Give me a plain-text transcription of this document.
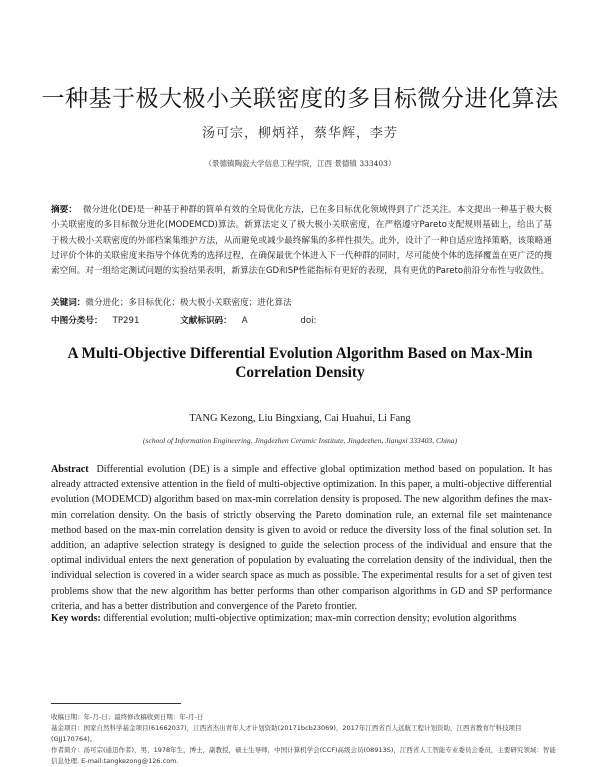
一种基于极大极小关联密度的多目标微分进化算法
汤可宗，柳炳祥，蔡华辉，李芳
（景德镇陶瓷大学信息工程学院，江西 景德镇 333403）
摘要： 微分进化(DE)是一种基于种群的简单有效的全局优化方法，已在多目标优化领域得到了广泛关注。本文提出一种基于极大极小关联密度的多目标微分进化(MODEMCD)算法。新算法定义了极大极小关联密度，在严格遵守Pareto支配规则基础上，给出了基于极大极小关联密度的外部档案集维护方法，从而避免或减少最终解集的多样性损失。此外，设计了一种自适应选择策略，该策略通过评价个体的关联密度来指导个体优秀的选择过程，在确保最优个体进入下一代种群的同时，尽可能使个体的选择覆盖在更广泛的搜索空间。对一组给定测试问题的实验结果表明，新算法在GD和SP性能指标有更好的表现，具有更优的Pareto前沿分布性与收敛性。
关键词：微分进化；多目标优化；极大极小关联密度；进化算法
中图分类号： TP291	文献标识码： A	doi:
A Multi-Objective Differential Evolution Algorithm Based on Max-Min Correlation Density
TANG Kezong, Liu Bingxiang, Cai Huahui, Li Fang
(school of Information Engineering, Jingdezhen Ceramic Institute, Jingdezhen, Jiangxi 333403, China)
Abstract Differential evolution (DE) is a simple and effective global optimization method based on population. It has already attracted extensive attention in the field of multi-objective optimization. In this paper, a multi-objective differential evolution (MODEMCD) algorithm based on max-min correlation density is proposed. The new algorithm defines the max-min correlation density. On the basis of strictly observing the Pareto domination rule, an external file set maintenance method based on the max-min correlation density is given to avoid or reduce the diversity loss of the final solution set. In addition, an adaptive selection strategy is designed to guide the selection process of the individual and ensure that the optimal individual enters the next generation of population by evaluating the correlation density of the individual, then the individual selection is covered in a wider search space as much as possible. The experimental results for a set of given test problems show that the new algorithm has better performs than other comparison algorithms in GD and SP performance criteria, and has a better distribution and convergence of the Pareto frontier.
Key words: differential evolution; multi-objective optimization; max-min correction density; evolution algorithms
收稿日期：年-月-日；最终修改稿收到日期：年-月-日
基金项目：国家自然科学基金项目(61662037)，江西省杰出青年人才计划资助(20171bcb23069)，2017年江西省百人远航工程计划资助，江西省教育厅科技项目(GJJ170764)。
作者简介：汤可宗(通迅作者)，男，1978年生，博士，副教授，硕士生导师，中国计算机学会(CCF)高级会员(08913S)，江西省人工智能专业委员会委员，主要研究领域：智能信息处理. E-mail:tangkezong@126.com.
